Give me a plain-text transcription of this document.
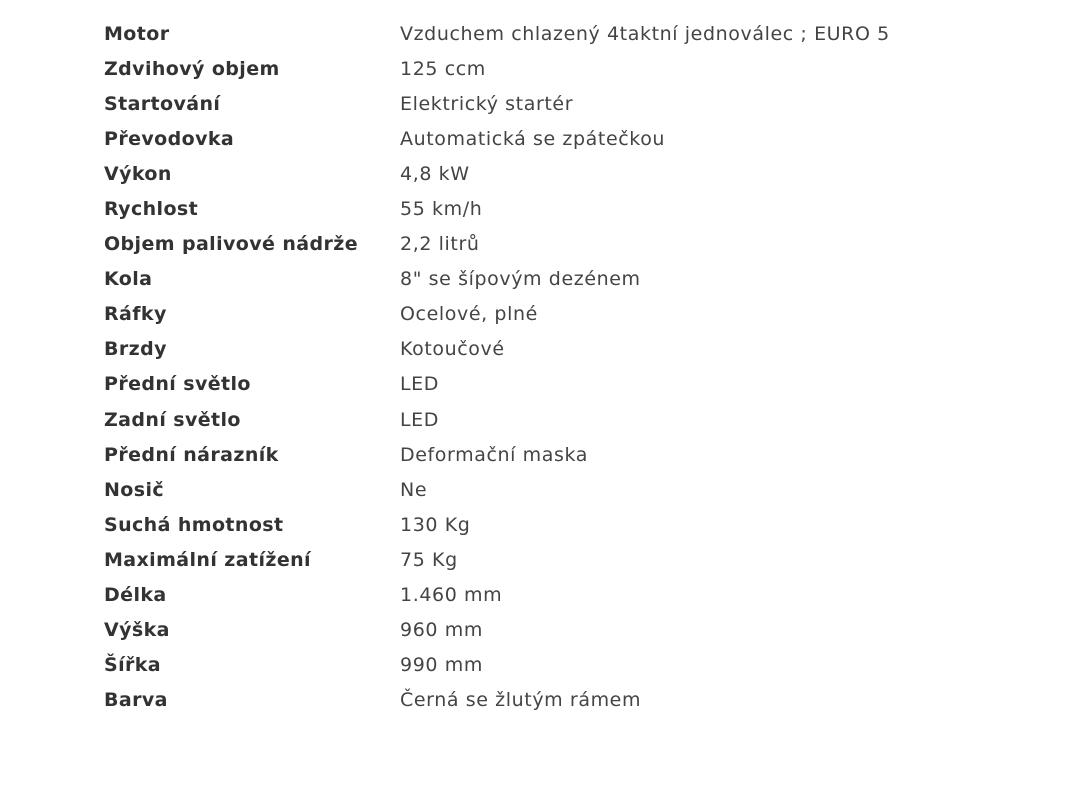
Motor	Vzduchem chlazený 4taktní jednoválec ; EURO 5
Zdvihový objem	125 ccm
Startování	Elektrický startér
Převodovka	Automatická se zpátečkou
Výkon	4,8 kW
Rychlost	55 km/h
Objem palivové nádrže	2,2 litrů
Kola	8" se šípovým dezénem
Ráfky	Ocelové, plné
Brzdy	Kotoučové
Přední světlo	LED
Zadní světlo	LED
Přední nárazník	Deformační maska
Nosič	Ne
Suchá hmotnost	130 Kg
Maximální zatížení	75 Kg
Délka	1.460 mm
Výška	960 mm
Šířka	990 mm
Barva	Černá se žlutým rámem
